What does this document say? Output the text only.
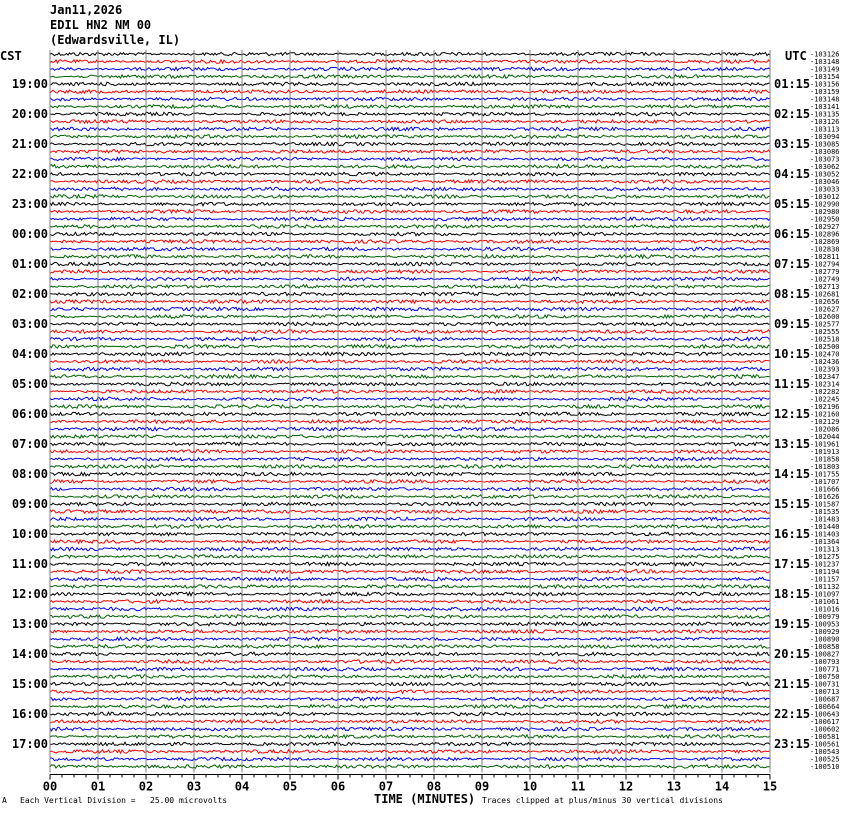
Jan11,2026
EDIL HN2 NM 00
(Edwardsville, IL)
CST	UTC
00	01	02	03	04	05	06	07	08	09	10	11	12	13	14	15
19:00
20:00
21:00
22:00
23:00
00:00
01:00
02:00
03:00
04:00
05:00
06:00
07:00
08:00
09:00
10:00
11:00
12:00
13:00
14:00
15:00
16:00
17:00
01:15
02:15
03:15
04:15
05:15
06:15
07:15
08:15
09:15
10:15
11:15
12:15
13:15
14:15
15:15
16:15
17:15
18:15
19:15
20:15
21:15
22:15
23:15
-103126
-103148
-103149
-103154
-103156
-103159
-103148
-103141
-103135
-103126
-103113
-103094
-103085
-103086
-103073
-103062
-103052
-103046
-103033
-103012
-102990
-102980
-102950
-102927
-102896
-102869
-102838
-102811
-102794
-102779
-102749
-102713
-102681
-102656
-102627
-102600
-102577
-102555
-102518
-102500
-102470
-102436
-102393
-102347
-102314
-102282
-102245
-102196
-102160
-102129
-102086
-102044
-101961
-101913
-101858
-101803
-101755
-101707
-101666
-101626
-101587
-101535
-101483
-101440
-101403
-101364
-101313
-101275
-101237
-101194
-101157
-101132
-101097
-101061
-101016
-100979
-100953
-100929
-100890
-100858
-100827
-100793
-100771
-100750
-100731
-100713
-100687
-100664
-100643
-100617
-100602
-100581
-100561
-100543
-100525
-100510
A Each Vertical Division =   25.00 microvolts	TIME (MINUTES) Traces clipped at plus/minus 30 vertical divisions
